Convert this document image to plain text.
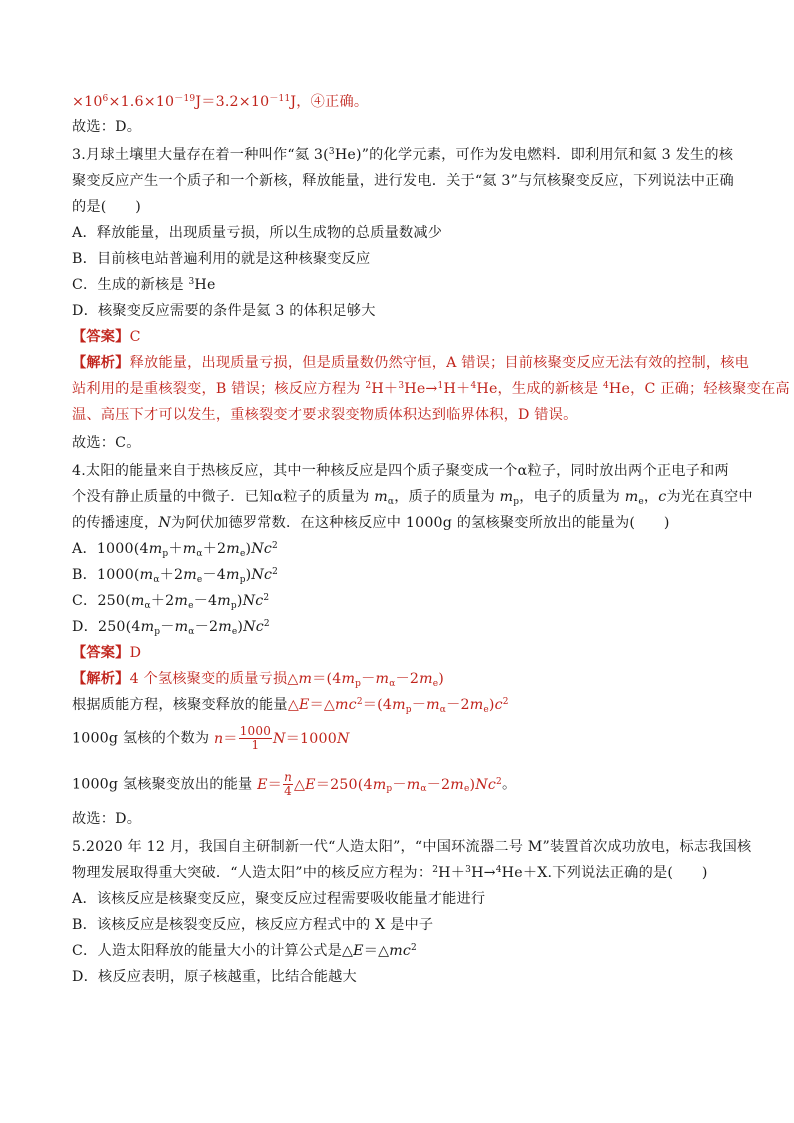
$\times 10^6\times 1.6\times 10^{-19}J=3.2\times 10^{-11}J$，④正确。
故选：D。
3.月球土壤里大量存在着一种叫作“氦 3($^3$He)”的化学元素，可作为发电燃料．即利用氘和氦 3 发生的核
聚变反应产生一个质子和一个新核，释放能量，进行发电．关于“氦 3”与氘核聚变反应，下列说法中正确
的是(　　)
A．释放能量，出现质量亏损，所以生成物的总质量数减少
B．目前核电站普遍利用的就是这种核聚变反应
C．生成的新核是 $^3$He
D．核聚变反应需要的条件是氦 3 的体积足够大
【答案】C
【解析】释放能量，出现质量亏损，但是质量数仍然守恒，A 错误；目前核聚变反应无法有效的控制，核电
站利用的是重核裂变，B 错误；核反应方程为 $^2$H＋$^3$He→$^1$H＋$^4$He，生成的新核是 $^4$He，C 正确；轻核聚变在高
温、高压下才可以发生，重核裂变才要求裂变物质体积达到临界体积，D 错误。
故选：C。
4.太阳的能量来自于热核反应，其中一种核反应是四个质子聚变成一个α粒子，同时放出两个正电子和两
个没有静止质量的中微子．已知α粒子的质量为 $m_\alpha$，质子的质量为 $m_p$，电子的质量为 $m_e$，c为光在真空中
的传播速度，N为阿伏加德罗常数．在这种核反应中 1000g 的氢核聚变所放出的能量为(　　)
A．$1000(4m_p+m_\alpha+2m_e)Nc^2$
B．$1000(m_\alpha+2m_e-4m_p)Nc^2$
C．$250(m_\alpha+2m_e-4m_p)Nc^2$
D．$250(4m_p-m_\alpha-2m_e)Nc^2$
【答案】D
【解析】4 个氢核聚变的质量亏损$\triangle m=(4m_p-m_\alpha-2m_e)$
根据质能方程，核聚变释放的能量$\triangle E=\triangle mc^2=(4m_p-m_\alpha-2m_e)c^2$
1000g 氢核的个数为 $n= \frac{1000}{1} N=1000N$
1000g 氢核聚变放出的能量 $E= \frac{n}{4}$ $\triangle E=250(4m_p-m_\alpha-2m_e)Nc^2$。
故选：D。
5.2020 年 12 月，我国自主研制新一代“人造太阳”，“中国环流器二号 M”装置首次成功放电，标志我国核
物理发展取得重大突破．“人造太阳”中的核反应方程为：$^2$H＋$^3$H→$^4$He＋X.下列说法正确的是(　　)
A．该核反应是核聚变反应，聚变反应过程需要吸收能量才能进行
B．该核反应是核裂变反应，核反应方程式中的 X 是中子
C．人造太阳释放的能量大小的计算公式是$\triangle E=\triangle mc^2$
D．核反应表明，原子核越重，比结合能越大
